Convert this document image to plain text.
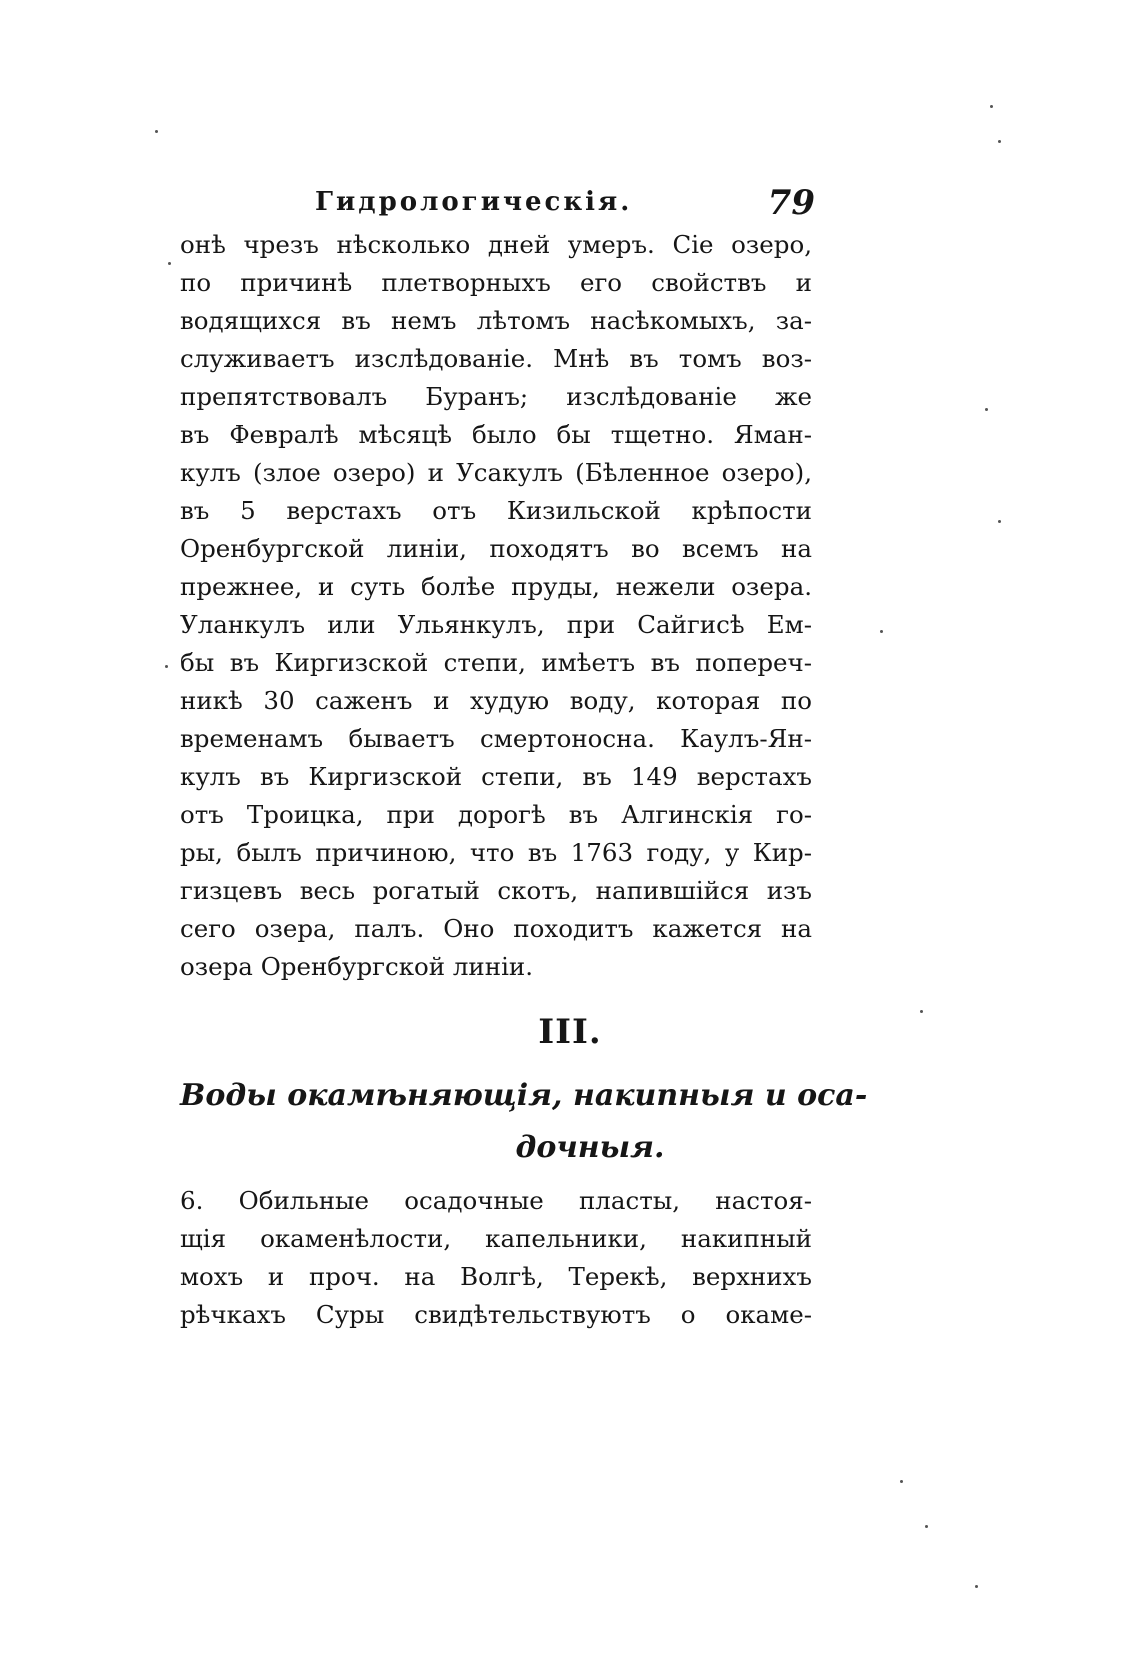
Гидрологическія.	79
онѣ чрезъ нѣсколько дней умеръ. Сіе озеро,
по причинѣ плетворныхъ его свойствъ и
водящихся въ немъ лѣтомъ насѣкомыхъ, за-
служиваетъ изслѣдованіе. Мнѣ въ томъ воз-
препятствовалъ Буранъ; изслѣдованіе же
въ Февралѣ мѣсяцѣ было бы тщетно. Яман-
кулъ (злое озеро) и Усакулъ (Бѣленное озеро),
въ 5 верстахъ отъ Кизильской крѣпости
Оренбургской линіи, походятъ во всемъ на
прежнее, и суть болѣе пруды, нежели озера.
Уланкулъ или Ульянкулъ, при Сайгисѣ Ем-
бы въ Киргизской степи, имѣетъ въ попереч-
никѣ 30 саженъ и худую воду, которая по
временамъ бываетъ смертоносна. Каулъ-Ян-
кулъ въ Киргизской степи, въ 149 верстахъ
отъ Троицка, при дорогѣ въ Алгинскія го-
ры, былъ причиною, что въ 1763 году, у Кир-
гизцевъ весь рогатый скотъ, напившійся изъ
сего озера, палъ. Оно походитъ кажется на
озера Оренбургской линіи.
III.
Воды окамѣняющія, накипныя и оса-
дочныя.
6. Обильные осадочные пласты, настоя-
щія окаменѣлости, капельники, накипный
мохъ и проч. на Волгѣ, Терекѣ, верхнихъ
рѣчкахъ Суры свидѣтельствуютъ о окаме-
